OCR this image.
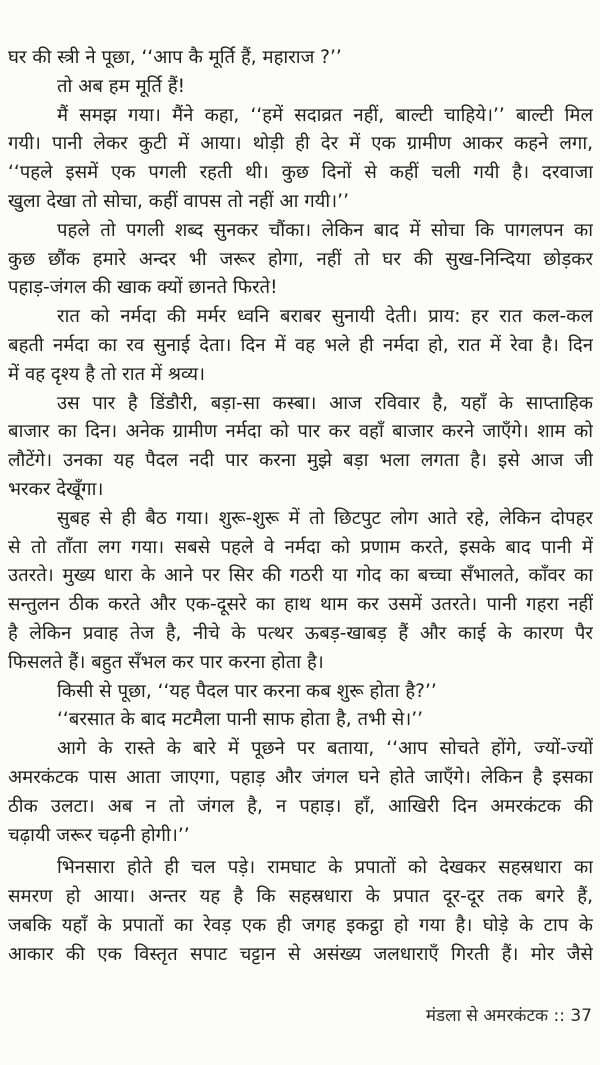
घर की स्त्री ने पूछा, ‘‘आप कै मूर्ति हैं, महाराज ?’’
तो अब हम मूर्ति हैं!
मैं समझ गया। मैंने कहा, ‘‘हमें सदाव्रत नहीं, बाल्टी चाहिये।’’ बाल्टी मिल
गयी। पानी लेकर कुटी में आया। थोड़ी ही देर में एक ग्रामीण आकर कहने लगा,
‘‘पहले इसमें एक पगली रहती थी। कुछ दिनों से कहीं चली गयी है। दरवाजा
खुला देखा तो सोचा, कहीं वापस तो नहीं आ गयी।’’
पहले तो पगली शब्द सुनकर चौंका। लेकिन बाद में सोचा कि पागलपन का
कुछ छौंक हमारे अन्दर भी जरूर होगा, नहीं तो घर की सुख-निन्दिया छोड़कर
पहाड़-जंगल की खाक क्यों छानते फिरते!
रात को नर्मदा की मर्मर ध्वनि बराबर सुनायी देती। प्राय: हर रात कल-कल
बहती नर्मदा का रव सुनाई देता। दिन में वह भले ही नर्मदा हो, रात में रेवा है। दिन
में वह दृश्य है तो रात में श्रव्य।
उस पार है डिंडौरी, बड़ा-सा कस्बा। आज रविवार है, यहाँ के साप्ताहिक
बाजार का दिन। अनेक ग्रामीण नर्मदा को पार कर वहाँ बाजार करने जाएँगे। शाम को
लौटेंगे। उनका यह पैदल नदी पार करना मुझे बड़ा भला लगता है। इसे आज जी
भरकर देखूँगा।
सुबह से ही बैठ गया। शुरू-शुरू में तो छिटपुट लोग आते रहे, लेकिन दोपहर
से तो ताँता लग गया। सबसे पहले वे नर्मदा को प्रणाम करते, इसके बाद पानी में
उतरते। मुख्य धारा के आने पर सिर की गठरी या गोद का बच्चा सँभालते, काँवर का
सन्तुलन ठीक करते और एक-दूसरे का हाथ थाम कर उसमें उतरते। पानी गहरा नहीं
है लेकिन प्रवाह तेज है, नीचे के पत्थर ऊबड़-खाबड़ हैं और काई के कारण पैर
फिसलते हैं। बहुत सँभल कर पार करना होता है।
किसी से पूछा, ‘‘यह पैदल पार करना कब शुरू होता है?’’
‘‘बरसात के बाद मटमैला पानी साफ होता है, तभी से।’’
आगे के रास्ते के बारे में पूछने पर बताया, ‘‘आप सोचते होंगे, ज्यों-ज्यों
अमरकंटक पास आता जाएगा, पहाड़ और जंगल घने होते जाएँगे। लेकिन है इसका
ठीक उलटा। अब न तो जंगल है, न पहाड़। हाँ, आखिरी दिन अमरकंटक की
चढ़ायी जरूर चढ़नी होगी।’’
भिनसारा होते ही चल पड़े। रामघाट के प्रपातों को देखकर सहस्रधारा का
समरण हो आया। अन्तर यह है कि सहस्रधारा के प्रपात दूर-दूर तक बगरे हैं,
जबकि यहाँ के प्रपातों का रेवड़ एक ही जगह इकट्ठा हो गया है। घोड़े के टाप के
आकार की एक विस्तृत सपाट चट्टान से असंख्य जलधाराएँ गिरती हैं। मोर जैसे
मंडला से अमरकंटक :: 37
